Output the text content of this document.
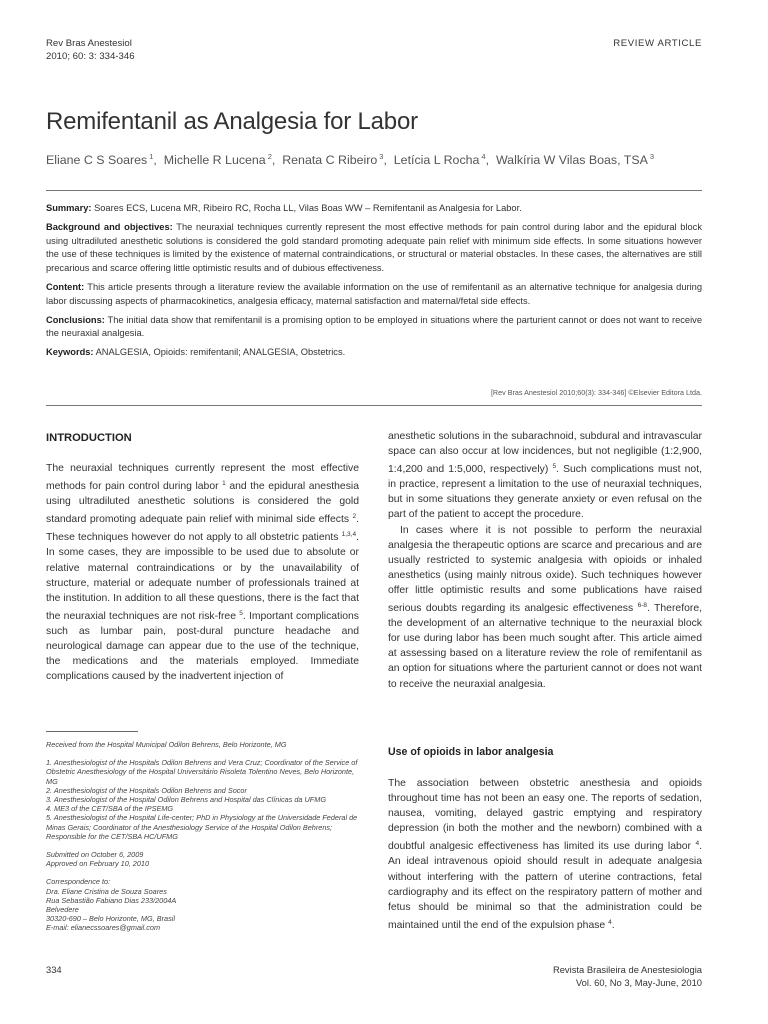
Rev Bras Anestesiol
2010; 60: 3: 334-346
REVIEW ARTICLE
Remifentanil as Analgesia for Labor
Eliane C S Soares $^1$, Michelle R Lucena $^2$, Renata C Ribeiro $^3$, Letícia L Rocha $^4$, Walkíria W Vilas Boas, TSA $^3$

Summary: Soares ECS, Lucena MR, Ribeiro RC, Rocha LL, Vilas Boas WW – Remifentanil as Analgesia for Labor.

Background and objectives: The neuraxial techniques currently represent the most effective methods for pain control during labor and the epidural block using ultradiluted anesthetic solutions is considered the gold standard promoting adequate pain relief with minimum side effects. In some situations however the use of these techniques is limited by the existence of maternal contraindications, or structural or material obstacles. In these cases, the alternatives are still precarious and scarce offering little optimistic results and of dubious effectiveness.

Content: This article presents through a literature review the available information on the use of remifentanil as an alternative technique for analgesia during labor discussing aspects of pharmacokinetics, analgesia efficacy, maternal satisfaction and maternal/fetal side effects.

Conclusions: The initial data show that remifentanil is a promising option to be employed in situations where the parturient cannot or does not want to receive the neuraxial analgesia.

Keywords: ANALGESIA, Opioids: remifentanil; ANALGESIA, Obstetrics.

[Rev Bras Anestesiol 2010;60(3): 334-346] ©Elsevier Editora Ltda.
INTRODUCTION

The neuraxial techniques currently represent the most effective methods for pain control during labor $^1$ and the epidural anesthesia using ultradiluted anesthetic solutions is considered the gold standard promoting adequate pain relief with minimal side effects $^2$. These techniques however do not apply to all obstetric patients $^{1,3,4}$. In some cases, they are impossible to be used due to absolute or relative maternal contraindications or by the unavailability of structure, material or adequate number of professionals trained at the institution. In addition to all these questions, there is the fact that the neuraxial techniques are not risk-free $^5$. Important complications such as lumbar pain, post-dural puncture headache and neurological damage can appear due to the use of the technique, the medications and the materials employed. Immediate complications caused by the inadvertent injection of

Received from the Hospital Municipal Odilon Behrens, Belo Horizonte, MG

1. Anesthesiologist of the Hospitals Odilon Behrens and Vera Cruz; Coordinator of the Service of Obstetric Anesthesiology of the Hospital Universitário Risoleta Tolentino Neves, Belo Horizonte, MG

2. Anesthesiologist of the Hospitals Odilon Behrens and Socor

3. Anesthesiologist of the Hospital Odilon Behrens and Hospital das Clínicas da UFMG

4. ME3 of the CET/SBA of the IPSEMG

5. Anesthesiologist of the Hospital Life-center; PhD in Physiology at the Universidade Federal de Minas Gerais; Coordinator of the Anesthesiology Service of the Hospital Odilon Behrens; Responsible for the CET/SBA HC/UFMG

Submitted on October 6, 2009

Approved on February 10, 2010

Correspondence to:

Dra. Eliane Cristina de Souza Soares

Rua Sebastião Fabiano Dias 233/2004A

Belvedere

30320-690 – Belo Horizonte, MG, Brasil

E-mail: elianecssoares@gmail.com

anesthetic solutions in the subarachnoid, subdural and intravascular space can also occur at low incidences, but not negligible (1:2,900, 1:4,200 and 1:5,000, respectively) $^5$. Such complications must not, in practice, represent a limitation to the use of neuraxial techniques, but in some situations they generate anxiety or even refusal on the part of the patient to accept the procedure.

In cases where it is not possible to perform the neuraxial analgesia the therapeutic options are scarce and precarious and are usually restricted to systemic analgesia with opioids or inhaled anesthetics (using mainly nitrous oxide). Such techniques however offer little optimistic results and some publications have raised serious doubts regarding its analgesic effectiveness $^{6-8}$. Therefore, the development of an alternative technique to the neuraxial block for use during labor has been much sought after. This article aimed at assessing based on a literature review the role of remifentanil as an option for situations where the parturient cannot or does not want to receive the neuraxial analgesia.

Use of opioids in labor analgesia

The association between obstetric anesthesia and opioids throughout time has not been an easy one. The reports of sedation, nausea, vomiting, delayed gastric emptying and respiratory depression (in both the mother and the newborn) combined with a doubtful analgesic effectiveness has limited its use during labor $^4$. An ideal intravenous opioid should result in adequate analgesia without interfering with the pattern of uterine contractions, fetal cardiography and its effect on the respiratory pattern of mother and fetus should be minimal so that the administration could be maintained until the end of the expulsion phase $^4$.

334	Revista Brasileira de Anestesiologia
Vol. 60, No 3, May-June, 2010
